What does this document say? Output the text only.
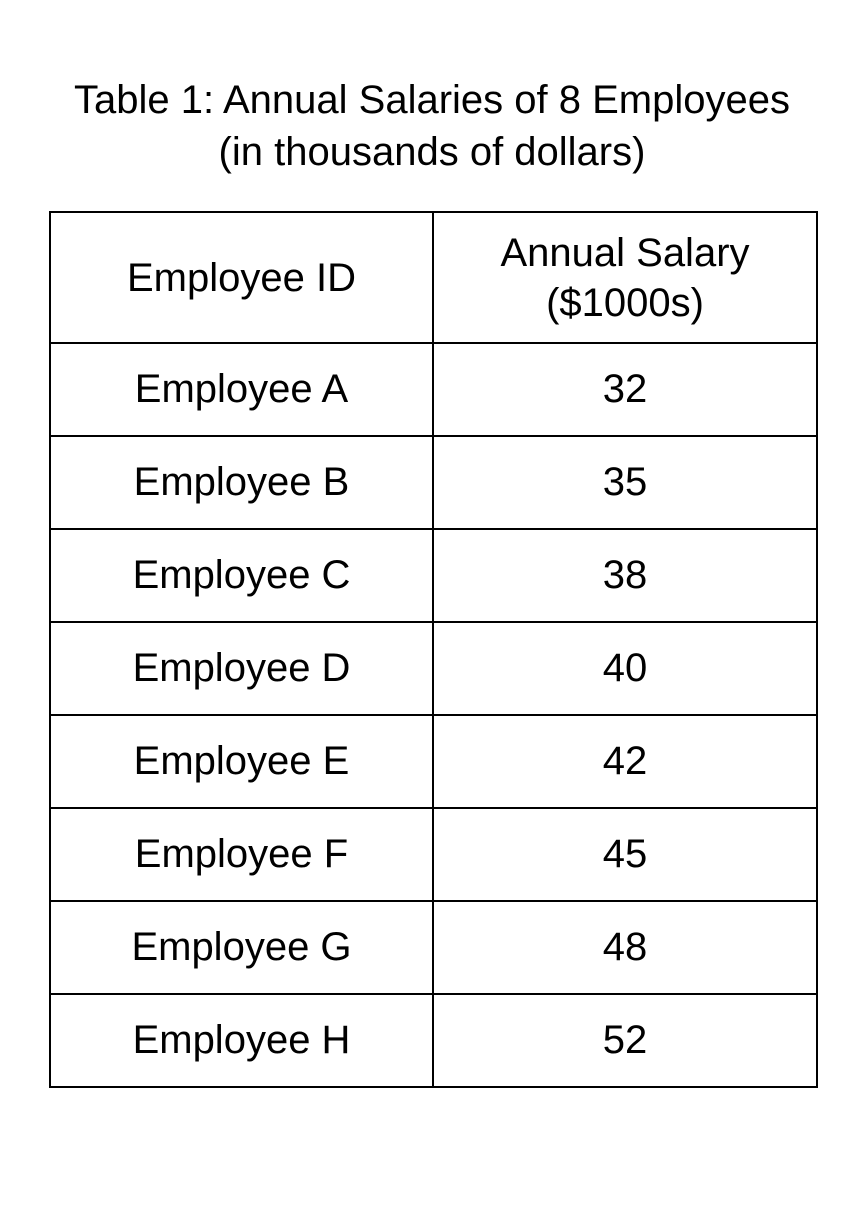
Table 1: Annual Salaries of 8 Employees
(in thousands of dollars)
Employee ID	Annual Salary
($1000s)

Employee A	32
Employee B	35
Employee C	38
Employee D	40
Employee E	42
Employee F	45
Employee G	48
Employee H	52
